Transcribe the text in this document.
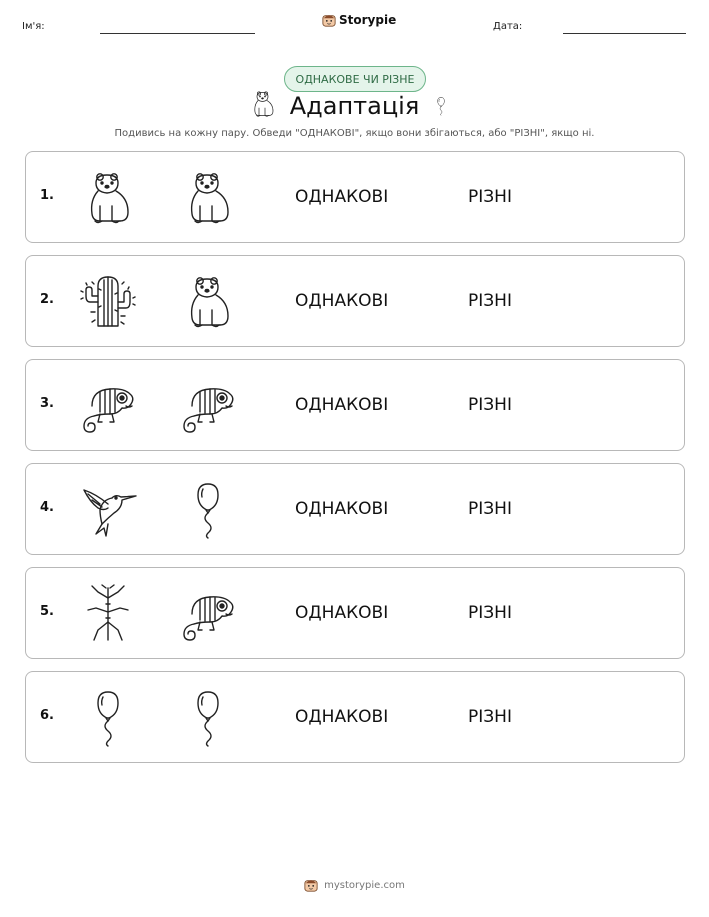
Ім'я:	Storypie	Дата:
ОДНАКОВЕ ЧИ РІЗНЕ
Адаптація
Подивись на кожну пару. Обведи "ОДНАКОВІ", якщо вони збігаються, або "РІЗНІ", якщо ні.
1.	ОДНАКОВІ	РІЗНІ
2.	ОДНАКОВІ	РІЗНІ
3.	ОДНАКОВІ	РІЗНІ
4.	ОДНАКОВІ	РІЗНІ
5.	ОДНАКОВІ	РІЗНІ
6.	ОДНАКОВІ	РІЗНІ
mystorypie.com
